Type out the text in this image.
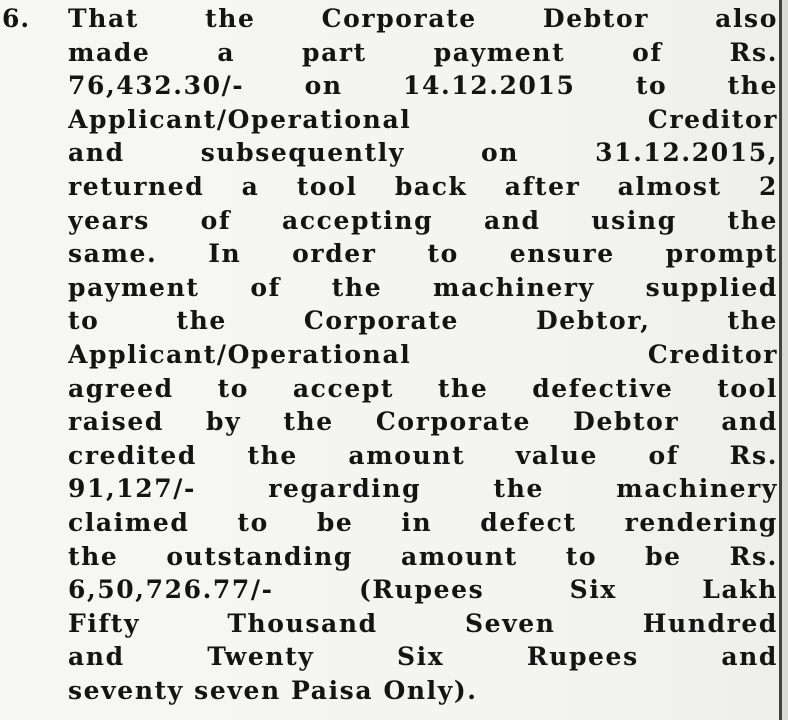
6. That the Corporate Debtor also
made a part payment of Rs.
76,432.30/- on 14.12.2015 to the
Applicant/Operational Creditor
and subsequently on 31.12.2015,
returned a tool back after almost 2
years of accepting and using the
same. In order to ensure prompt
payment of the machinery supplied
to the Corporate Debtor, the
Applicant/Operational Creditor
agreed to accept the defective tool
raised by the Corporate Debtor and
credited the amount value of Rs.
91,127/- regarding the machinery
claimed to be in defect rendering
the outstanding amount to be Rs.
6,50,726.77/- (Rupees Six Lakh
Fifty Thousand Seven Hundred
and Twenty Six Rupees and
seventy seven Paisa Only).
